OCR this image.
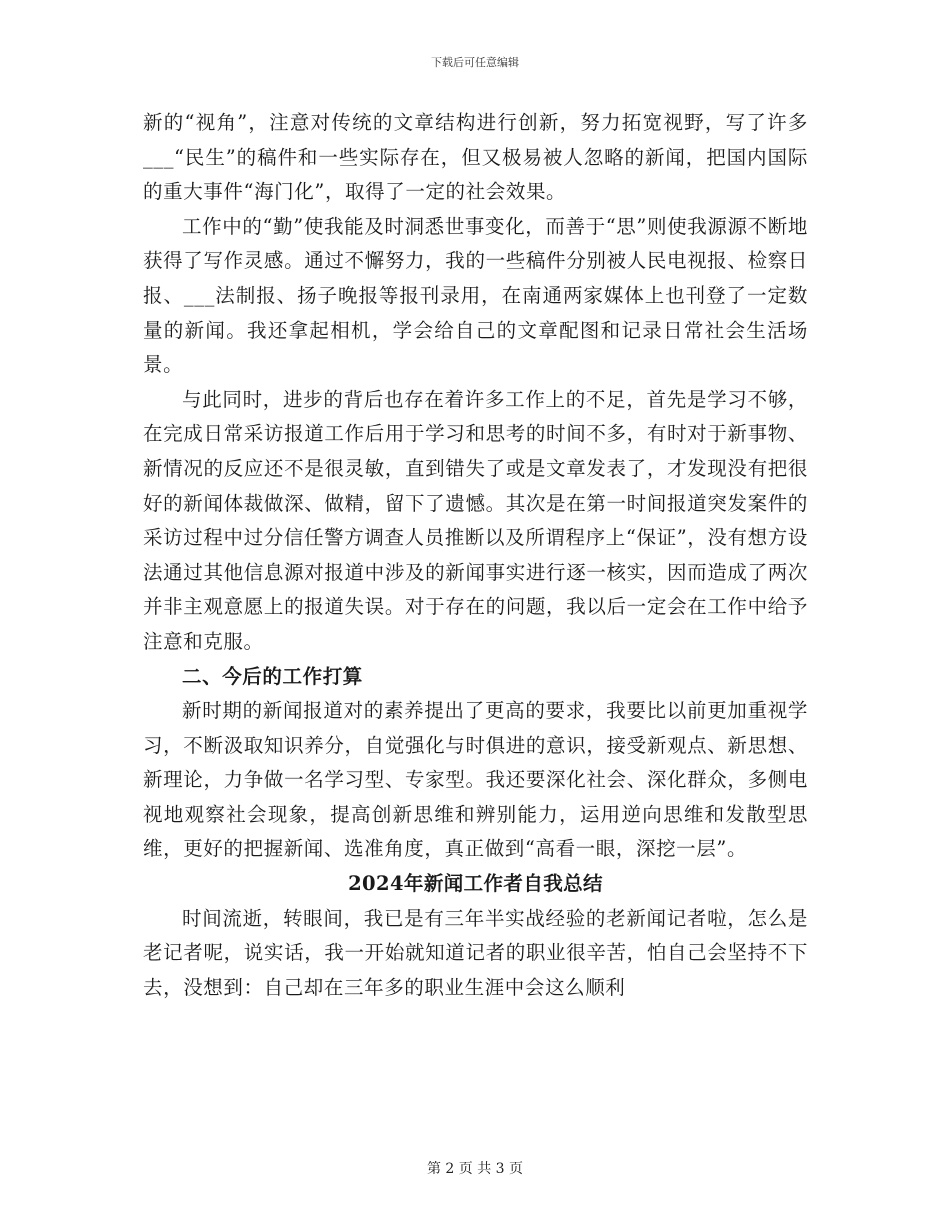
下载后可任意编辑

新的“视角”，注意对传统的文章结构进行创新，努力拓宽视野，写了许多___“民生”的稿件和一些实际存在，但又极易被人忽略的新闻，把国内国际的重大事件“海门化”，取得了一定的社会效果。

工作中的“勤”使我能及时洞悉世事变化，而善于“思”则使我源源不断地获得了写作灵感。通过不懈努力，我的一些稿件分别被人民电视报、检察日报、___法制报、扬子晚报等报刊录用，在南通两家媒体上也刊登了一定数量的新闻。我还拿起相机，学会给自己的文章配图和记录日常社会生活场景。

与此同时，进步的背后也存在着许多工作上的不足，首先是学习不够，在完成日常采访报道工作后用于学习和思考的时间不多，有时对于新事物、新情况的反应还不是很灵敏，直到错失了或是文章发表了，才发现没有把很好的新闻体裁做深、做精，留下了遗憾。其次是在第一时间报道突发案件的采访过程中过分信任警方调查人员推断以及所谓程序上“保证”，没有想方设法通过其他信息源对报道中涉及的新闻事实进行逐一核实，因而造成了两次并非主观意愿上的报道失误。对于存在的问题，我以后一定会在工作中给予注意和克服。

二、今后的工作打算

新时期的新闻报道对的素养提出了更高的要求，我要比以前更加重视学习，不断汲取知识养分，自觉强化与时俱进的意识，接受新观点、新思想、新理论，力争做一名学习型、专家型。我还要深化社会、深化群众，多侧电视地观察社会现象，提高创新思维和辨别能力，运用逆向思维和发散型思维，更好的把握新闻、选准角度，真正做到“高看一眼，深挖一层”。

2024年新闻工作者自我总结

时间流逝，转眼间，我已是有三年半实战经验的老新闻记者啦，怎么是老记者呢，说实话，我一开始就知道记者的职业很辛苦，怕自己会坚持不下去，没想到：自己却在三年多的职业生涯中会这么顺利

第 2 页 共 3 页
